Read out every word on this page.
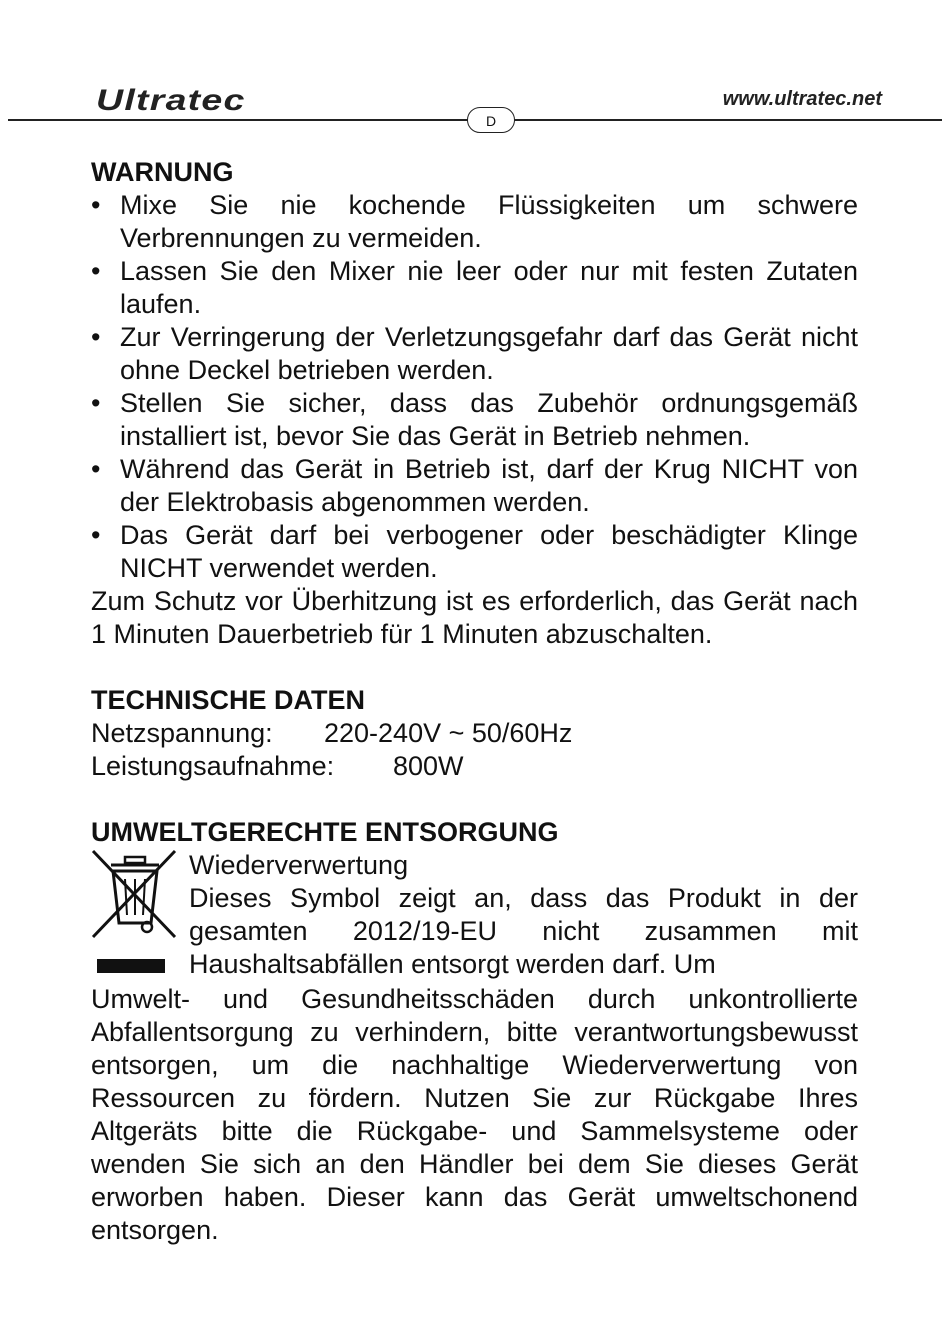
Ultratec	www.ultratec.net
D

WARNUNG

• Mixe Sie nie kochende Flüssigkeiten um schwere Verbrennungen zu vermeiden.
• Lassen Sie den Mixer nie leer oder nur mit festen Zutaten laufen.
• Zur Verringerung der Verletzungsgefahr darf das Gerät nicht ohne Deckel betrieben werden.
• Stellen Sie sicher, dass das Zubehör ordnungsgemäß installiert ist, bevor Sie das Gerät in Betrieb nehmen.
• Während das Gerät in Betrieb ist, darf der Krug NICHT von der Elektrobasis abgenommen werden.
• Das Gerät darf bei verbogener oder beschädigter Klinge NICHT verwendet werden.

Zum Schutz vor Überhitzung ist es erforderlich, das Gerät nach 1 Minuten Dauerbetrieb für 1 Minuten abzuschalten.

TECHNISCHE DATEN

Netzspannung:	220-240V ~ 50/60Hz
Leistungsaufnahme:	800W

UMWELTGERECHTE ENTSORGUNG

Wiederverwertung

Dieses Symbol zeigt an, dass das Produkt in der gesamten 2012/19-EU nicht zusammen mit Haushaltsabfällen entsorgt werden darf. Um

Umwelt- und Gesundheitsschäden durch unkontrollierte Abfallentsorgung zu verhindern, bitte verantwortungsbewusst entsorgen, um die nachhaltige Wiederverwertung von Ressourcen zu fördern. Nutzen Sie zur Rückgabe Ihres Altgeräts bitte die Rückgabe- und Sammelsysteme oder wenden Sie sich an den Händler bei dem Sie dieses Gerät erworben haben. Dieser kann das Gerät umweltschonend entsorgen.
